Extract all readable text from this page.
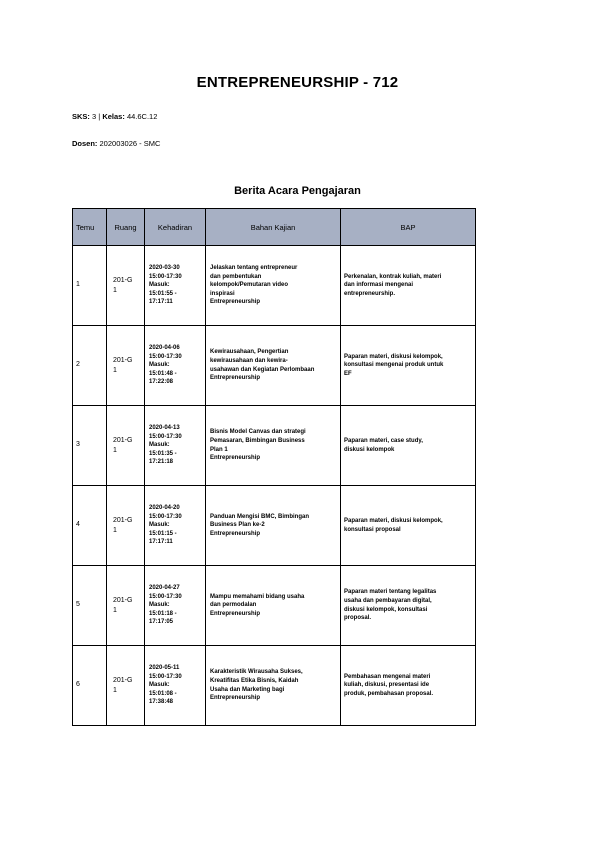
ENTREPRENEURSHIP - 712
SKS: 3 | Kelas: 44.6C.12
Dosen: 202003026 - SMC
Berita Acara Pengajaran
Temu	Ruang	Kehadiran	Bahan Kajian	BAP
1	201-G1	2020-03-30
15:00-17:30
Masuk:
15:01:55 -
17:17:11	Jelaskan tentang entrepreneur
dan pembentukan
kelompok/Pemutaran video
inspirasi
Entrepreneurship	Perkenalan, kontrak kuliah, materi
dan informasi mengenai
entrepreneurship.

2	201-G1	2020-04-06
15:00-17:30
Masuk:
15:01:48 -
17:22:08	Kewirausahaan, Pengertian
kewirausahaan dan kewira-
usahawan dan Kegiatan Perlombaan
Entrepreneurship	Paparan materi, diskusi kelompok,
konsultasi mengenai produk untuk
EF

3	201-G1	2020-04-13
15:00-17:30
Masuk:
15:01:35 -
17:21:18	Bisnis Model Canvas dan strategi
Pemasaran, Bimbingan Business
Plan 1
Entrepreneurship	Paparan materi, case study,
diskusi kelompok

4	201-G1	2020-04-20
15:00-17:30
Masuk:
15:01:15 -
17:17:11	Panduan Mengisi BMC, Bimbingan
Business Plan ke-2
Entrepreneurship	Paparan materi, diskusi kelompok,
konsultasi proposal

5	201-G1	2020-04-27
15:00-17:30
Masuk:
15:01:18 -
17:17:05	Mampu memahami bidang usaha
dan permodalan
Entrepreneurship	Paparan materi tentang legalitas
usaha dan pembayaran digital,
diskusi kelompok, konsultasi
proposal.

6	201-G1	2020-05-11
15:00-17:30
Masuk:
15:01:08 -
17:38:48	Karakteristik Wirausaha Sukses,
Kreatifitas Etika Bisnis, Kaidah
Usaha dan Marketing bagi
Entrepreneurship	Pembahasan mengenai materi
kuliah, diskusi, presentasi ide
produk, pembahasan proposal.
